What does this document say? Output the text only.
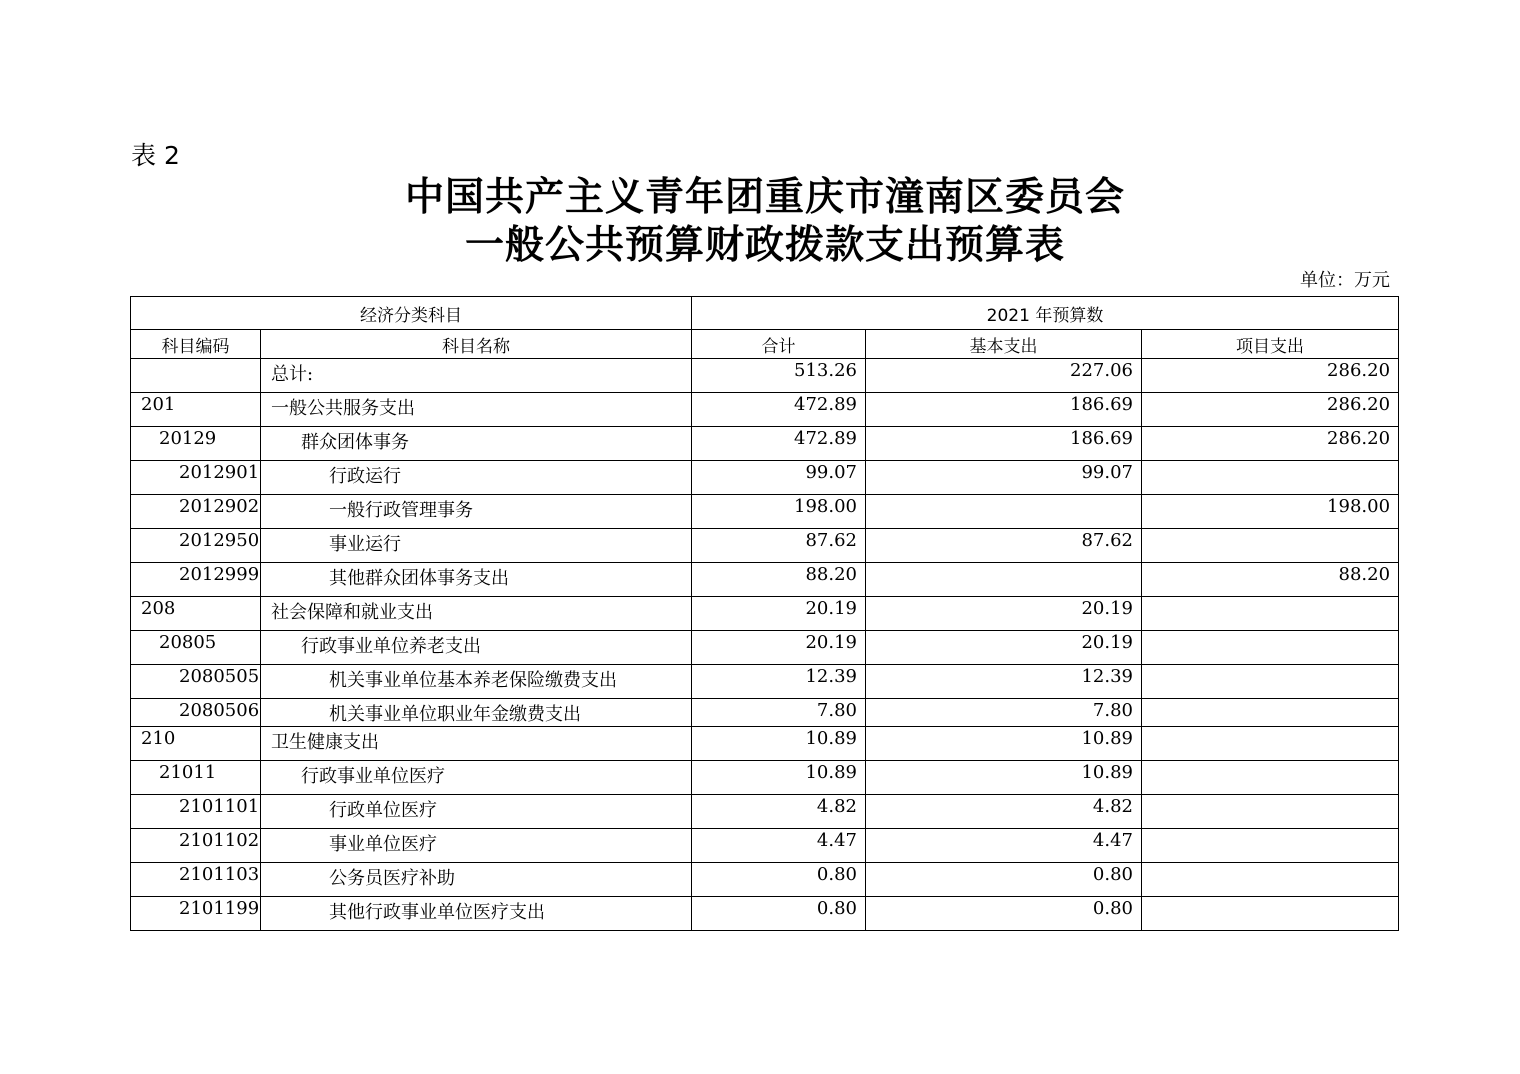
表 2
中国共产主义青年团重庆市潼南区委员会
一般公共预算财政拨款支出预算表
单位：万元
经济分类科目		2021 年预算数		
科目编码	科目名称	合计	基本支出	项目支出
	总计:	513.26	227.06	286.20
201	一般公共服务支出	472.89	186.69	286.20
20129	群众团体事务	472.89	186.69	286.20
2012901	行政运行	99.07	99.07	
2012902	一般行政管理事务	198.00		198.00
2012950	事业运行	87.62	87.62	
2012999	其他群众团体事务支出	88.20		88.20
208	社会保障和就业支出	20.19	20.19	
20805	行政事业单位养老支出	20.19	20.19	
2080505	机关事业单位基本养老保险缴费支出	12.39	12.39	
2080506	机关事业单位职业年金缴费支出	7.80	7.80	
210	卫生健康支出	10.89	10.89	
21011	行政事业单位医疗	10.89	10.89	
2101101	行政单位医疗	4.82	4.82	
2101102	事业单位医疗	4.47	4.47	
2101103	公务员医疗补助	0.80	0.80	
2101199	其他行政事业单位医疗支出	0.80	0.80	
